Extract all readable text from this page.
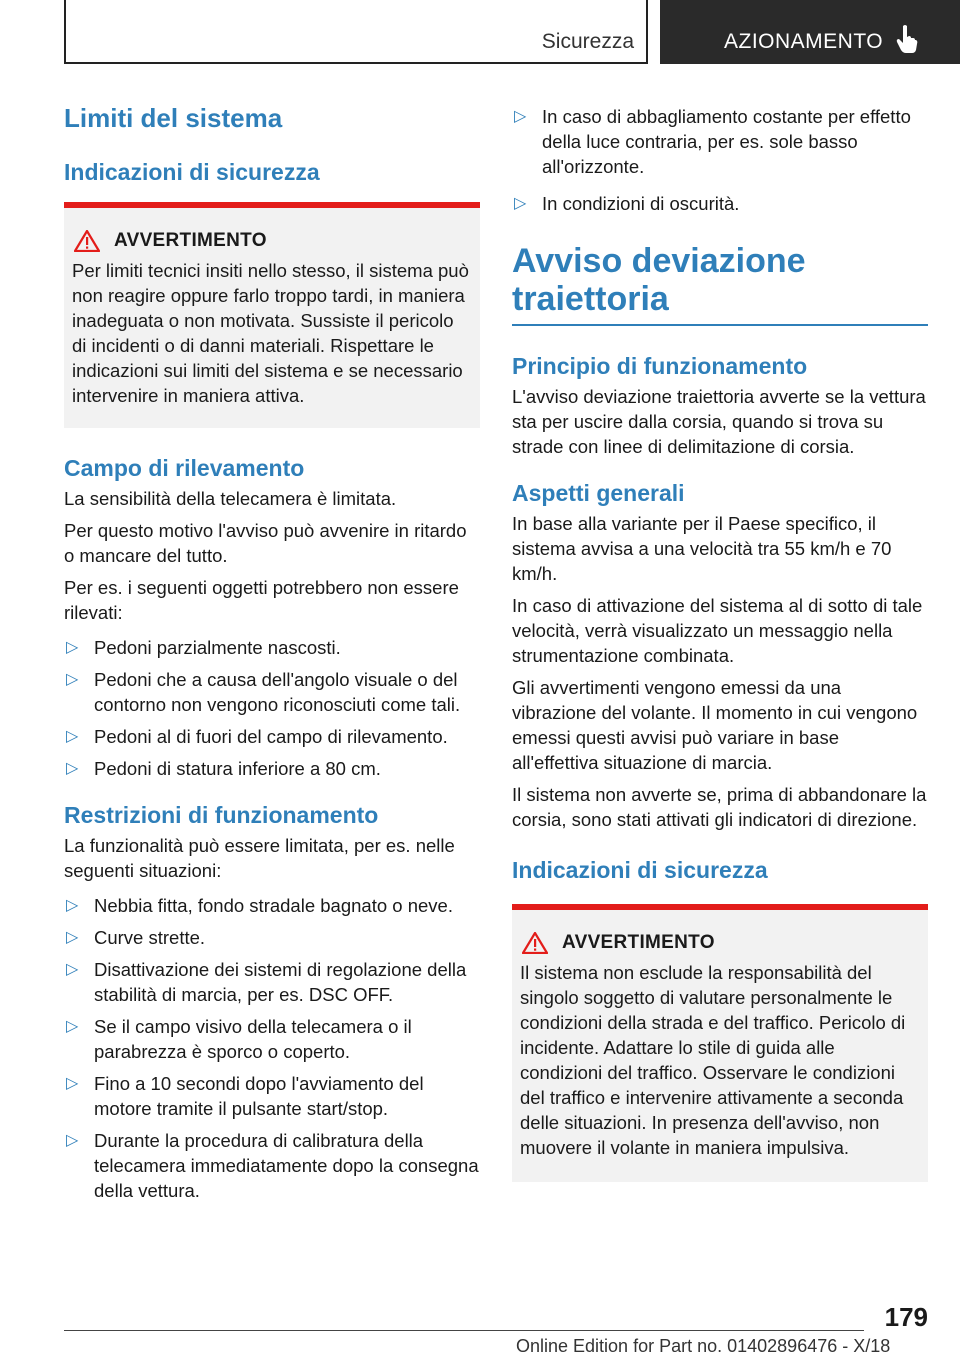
Sicurezza	AZIONAMENTO
Limiti del sistema
Indicazioni di sicurezza
AVVERTIMENTO
Per limiti tecnici insiti nello stesso, il sistema può non reagire oppure farlo troppo tardi, in maniera inadeguata o non motivata. Sussiste il pericolo di incidenti o di danni materiali. Rispettare le indicazioni sui limiti del sistema e se necessario intervenire in maniera attiva.
Campo di rilevamento

La sensibilità della telecamera è limitata.

Per questo motivo l'avviso può avvenire in ritardo o mancare del tutto.

Per es. i seguenti oggetti potrebbero non essere rilevati:

▷ Pedoni parzialmente nascosti.
▷ Pedoni che a causa dell'angolo visuale o del contorno non vengono riconosciuti come tali.
▷ Pedoni al di fuori del campo di rilevamento.
▷ Pedoni di statura inferiore a 80 cm.
Restrizioni di funzionamento

La funzionalità può essere limitata, per es. nelle seguenti situazioni:

▷ Nebbia fitta, fondo stradale bagnato o neve.
▷ Curve strette.
▷ Disattivazione dei sistemi di regolazione della stabilità di marcia, per es. DSC OFF.
▷ Se il campo visivo della telecamera o il parabrezza è sporco o coperto.
▷ Fino a 10 secondi dopo l'avviamento del motore tramite il pulsante start/stop.
▷ Durante la procedura di calibratura della telecamera immediatamente dopo la consegna della vettura.
▷ In caso di abbagliamento costante per effetto della luce contraria, per es. sole basso all'orizzonte.
▷ In condizioni di oscurità.
Avviso deviazione traiettoria
Principio di funzionamento

L'avviso deviazione traiettoria avverte se la vettura sta per uscire dalla corsia, quando si trova su strade con linee di delimitazione di corsia.

Aspetti generali

In base alla variante per il Paese specifico, il sistema avvisa a una velocità tra 55 km/h e 70 km/h.

In caso di attivazione del sistema al di sotto di tale velocità, verrà visualizzato un messaggio nella strumentazione combinata.

Gli avvertimenti vengono emessi da una vibrazione del volante. Il momento in cui vengono emessi questi avvisi può variare in base all'effettiva situazione di marcia.

Il sistema non avverte se, prima di abbandonare la corsia, sono stati attivati gli indicatori di direzione.

Indicazioni di sicurezza
AVVERTIMENTO
Il sistema non esclude la responsabilità del singolo soggetto di valutare personalmente le condizioni della strada e del traffico. Pericolo di incidente. Adattare lo stile di guida alle condizioni del traffico. Osservare le condizioni del traffico e intervenire attivamente a seconda delle situazioni. In presenza dell'avviso, non muovere il volante in maniera impulsiva.
179
Online Edition for Part no. 01402896476 - X/18
